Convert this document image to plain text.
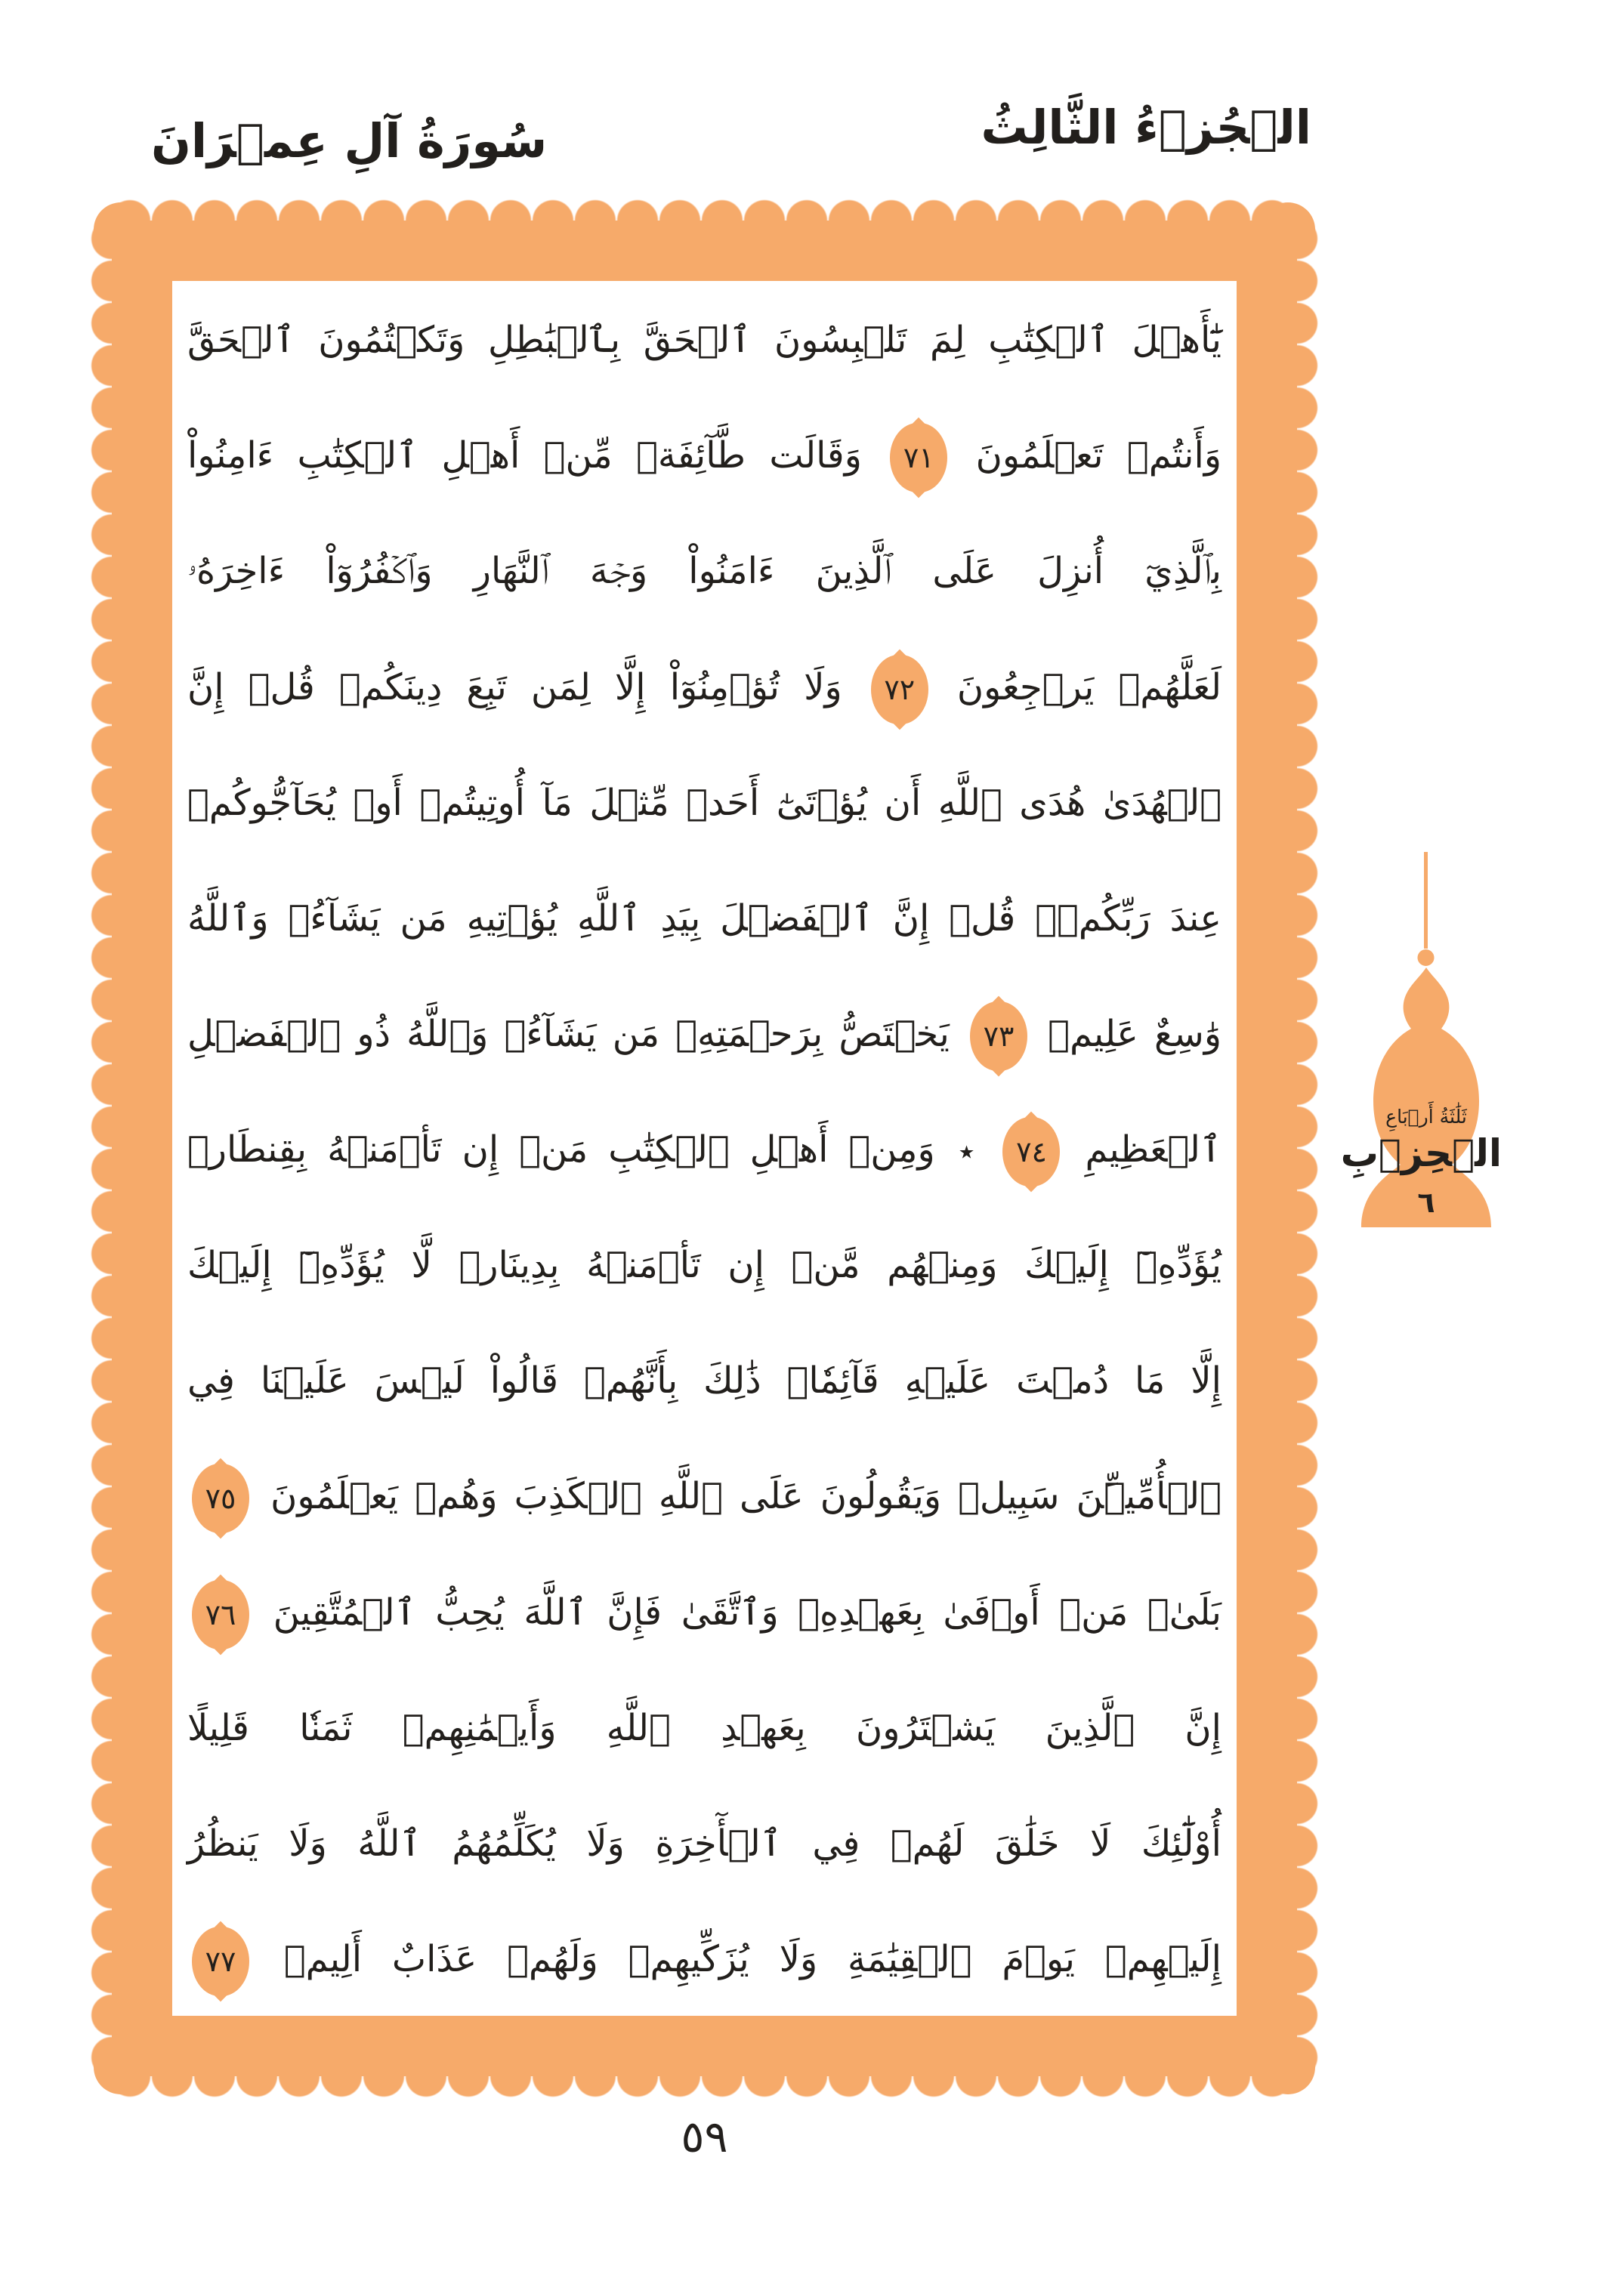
سُورَةُ آلِ عِمۡرَانَ	الۡجُزۡءُ الثَّالِثُ
يَٰٓأَهۡلَ ٱلۡكِتَٰبِ لِمَ تَلۡبِسُونَ ٱلۡحَقَّ بِٱلۡبَٰطِلِ وَتَكۡتُمُونَ ٱلۡحَقَّ
وَأَنتُمۡ تَعۡلَمُونَ
٧١
وَقَالَت طَّآئِفَةٞ مِّنۡ أَهۡلِ ٱلۡكِتَٰبِ ءَامِنُواْ
بِٱلَّذِيٓ أُنزِلَ عَلَى ٱلَّذِينَ ءَامَنُواْ وَجۡهَ ٱلنَّهَارِ وَٱكۡفُرُوٓاْ ءَاخِرَهُۥ
لَعَلَّهُمۡ يَرۡجِعُونَ
٧٢
وَلَا تُؤۡمِنُوٓاْ إِلَّا لِمَن تَبِعَ دِينَكُمۡ قُلۡ إِنَّ
ٱلۡهُدَىٰ هُدَى ٱللَّهِ أَن يُؤۡتَىٰٓ أَحَدٞ مِّثۡلَ مَآ أُوتِيتُمۡ أَوۡ يُحَآجُّوكُمۡ
عِندَ رَبِّكُمۡۗ قُلۡ إِنَّ ٱلۡفَضۡلَ بِيَدِ ٱللَّهِ يُؤۡتِيهِ مَن يَشَآءُۗ وَٱللَّهُ
وَٰسِعٌ عَلِيمٞ
٧٣
يَخۡتَصُّ بِرَحۡمَتِهِۦ مَن يَشَآءُۗ وَٱللَّهُ ذُو ٱلۡفَضۡلِ
ٱلۡعَظِيمِ
٧٤
٭ وَمِنۡ أَهۡلِ ٱلۡكِتَٰبِ مَنۡ إِن تَأۡمَنۡهُ بِقِنطَارٖ
يُؤَدِّهِۦٓ إِلَيۡكَ وَمِنۡهُم مَّنۡ إِن تَأۡمَنۡهُ بِدِينَارٖ لَّا يُؤَدِّهِۦٓ إِلَيۡكَ
إِلَّا مَا دُمۡتَ عَلَيۡهِ قَآئِمٗاۗ ذَٰلِكَ بِأَنَّهُمۡ قَالُواْ لَيۡسَ عَلَيۡنَا فِي
ٱلۡأُمِّيِّۧنَ سَبِيلٞ وَيَقُولُونَ عَلَى ٱللَّهِ ٱلۡكَذِبَ وَهُمۡ يَعۡلَمُونَ
٧٥
بَلَىٰۚ مَنۡ أَوۡفَىٰ بِعَهۡدِهِۦ وَٱتَّقَىٰ فَإِنَّ ٱللَّهَ يُحِبُّ ٱلۡمُتَّقِينَ
٧٦
إِنَّ ٱلَّذِينَ يَشۡتَرُونَ بِعَهۡدِ ٱللَّهِ وَأَيۡمَٰنِهِمۡ ثَمَنٗا قَلِيلًا
أُوْلَٰٓئِكَ لَا خَلَٰقَ لَهُمۡ فِي ٱلۡأٓخِرَةِ وَلَا يُكَلِّمُهُمُ ٱللَّهُ وَلَا يَنظُرُ
إِلَيۡهِمۡ يَوۡمَ ٱلۡقِيَٰمَةِ وَلَا يُزَكِّيهِمۡ وَلَهُمۡ عَذَابٌ أَلِيمٞ
٧٧
ثَلَٰثَةُ أَرۡبَاعِ
الۡحِزۡبِ
٦
٥٩
